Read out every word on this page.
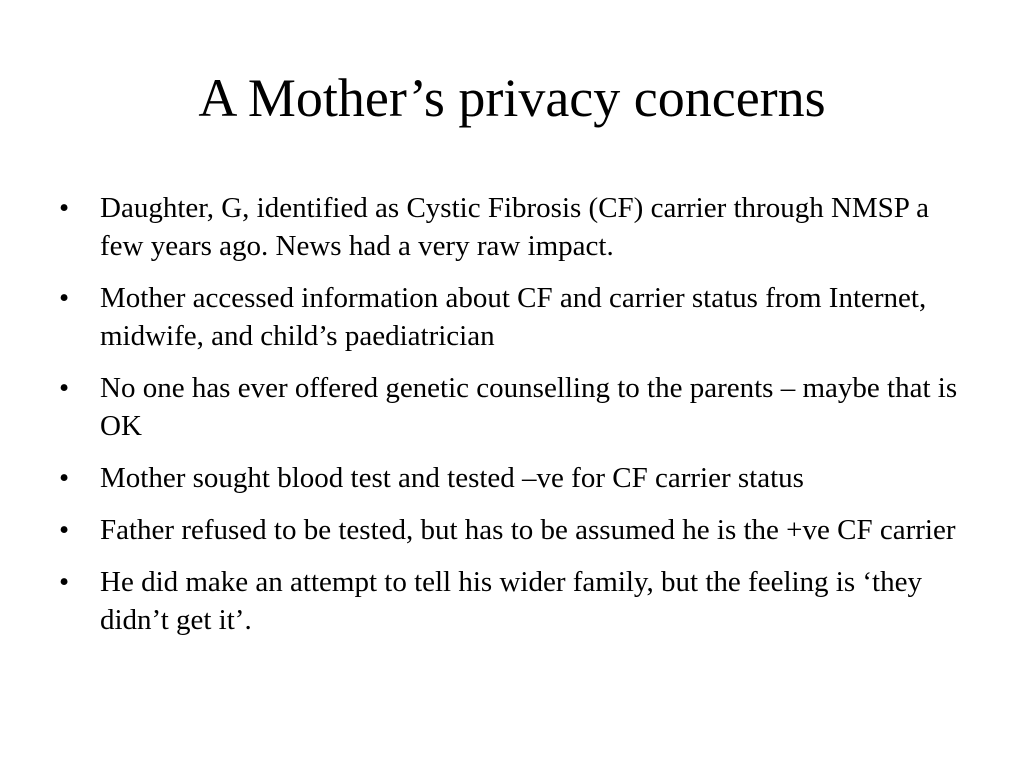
A Mother’s privacy concerns
•	Daughter, G, identified as Cystic Fibrosis (CF) carrier through NMSP a few years ago. News had a very raw impact.
•	Mother accessed information about CF and carrier status from Internet, midwife, and child’s paediatrician
•	No one has ever offered genetic counselling to the parents – maybe that is OK
•	Mother sought blood test and tested –ve for CF carrier status
•	Father refused to be tested, but has to be assumed he is the +ve CF carrier
•	He did make an attempt to tell his wider family, but the feeling is ‘they didn’t get it’.
